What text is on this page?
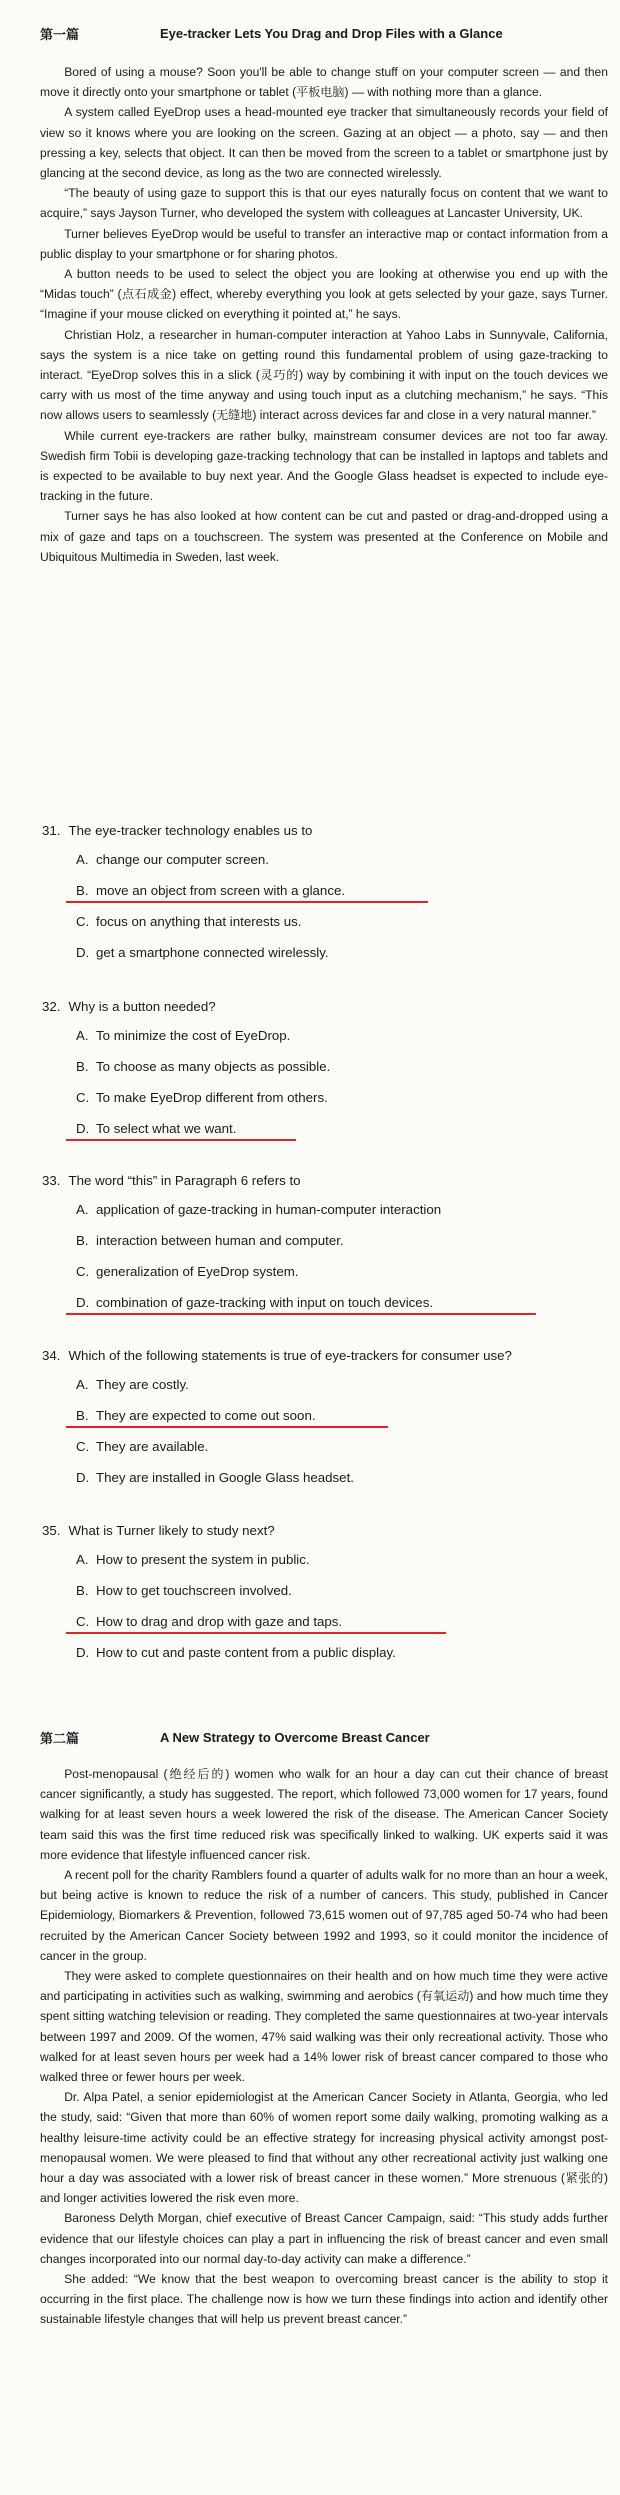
第一篇	Eye-tracker Lets You Drag and Drop Files with a Glance

Bored of using a mouse? Soon you'll be able to change stuff on your computer screen — and then move it directly onto your smartphone or tablet (平板电脑) — with nothing more than a glance.

A system called EyeDrop uses a head-mounted eye tracker that simultaneously records your field of view so it knows where you are looking on the screen. Gazing at an object — a photo, say — and then pressing a key, selects that object. It can then be moved from the screen to a tablet or smartphone just by glancing at the second device, as long as the two are connected wirelessly.

“The beauty of using gaze to support this is that our eyes naturally focus on content that we want to acquire,” says Jayson Turner, who developed the system with colleagues at Lancaster University, UK.

Turner believes EyeDrop would be useful to transfer an interactive map or contact information from a public display to your smartphone or for sharing photos.

A button needs to be used to select the object you are looking at otherwise you end up with the “Midas touch” (点石成金) effect, whereby everything you look at gets selected by your gaze, says Turner. “Imagine if your mouse clicked on everything it pointed at,” he says.

Christian Holz, a researcher in human-computer interaction at Yahoo Labs in Sunnyvale, California, says the system is a nice take on getting round this fundamental problem of using gaze-tracking to interact. “EyeDrop solves this in a slick (灵巧的) way by combining it with input on the touch devices we carry with us most of the time anyway and using touch input as a clutching mechanism,” he says. “This now allows users to seamlessly (无缝地) interact across devices far and close in a very natural manner.”

While current eye-trackers are rather bulky, mainstream consumer devices are not too far away. Swedish firm Tobii is developing gaze-tracking technology that can be installed in laptops and tablets and is expected to be available to buy next year. And the Google Glass headset is expected to include eye-tracking in the future.

Turner says he has also looked at how content can be cut and pasted or drag-and-dropped using a mix of gaze and taps on a touchscreen. The system was presented at the Conference on Mobile and Ubiquitous Multimedia in Sweden, last week.

31. The eye-tracker technology enables us to
A. change our computer screen.
B. move an object from screen with a glance.
C. focus on anything that interests us.
D. get a smartphone connected wirelessly.
32. Why is a button needed?
A. To minimize the cost of EyeDrop.
B. To choose as many objects as possible.
C. To make EyeDrop different from others.
D. To select what we want.
33. The word “this” in Paragraph 6 refers to
A. application of gaze-tracking in human-computer interaction
B. interaction between human and computer.
C. generalization of EyeDrop system.
D. combination of gaze-tracking with input on touch devices.
34. Which of the following statements is true of eye-trackers for consumer use?
A. They are costly.
B. They are expected to come out soon.
C. They are available.
D. They are installed in Google Glass headset.
35. What is Turner likely to study next?
A. How to present the system in public.
B. How to get touchscreen involved.
C. How to drag and drop with gaze and taps.
D. How to cut and paste content from a public display.
第二篇	A New Strategy to Overcome Breast Cancer

Post-menopausal (绝经后的) women who walk for an hour a day can cut their chance of breast cancer significantly, a study has suggested. The report, which followed 73,000 women for 17 years, found walking for at least seven hours a week lowered the risk of the disease. The American Cancer Society team said this was the first time reduced risk was specifically linked to walking. UK experts said it was more evidence that lifestyle influenced cancer risk.

A recent poll for the charity Ramblers found a quarter of adults walk for no more than an hour a week, but being active is known to reduce the risk of a number of cancers. This study, published in Cancer Epidemiology, Biomarkers & Prevention, followed 73,615 women out of 97,785 aged 50-74 who had been recruited by the American Cancer Society between 1992 and 1993, so it could monitor the incidence of cancer in the group.

They were asked to complete questionnaires on their health and on how much time they were active and participating in activities such as walking, swimming and aerobics (有氧运动) and how much time they spent sitting watching television or reading. They completed the same questionnaires at two-year intervals between 1997 and 2009. Of the women, 47% said walking was their only recreational activity. Those who walked for at least seven hours per week had a 14% lower risk of breast cancer compared to those who walked three or fewer hours per week.

Dr. Alpa Patel, a senior epidemiologist at the American Cancer Society in Atlanta, Georgia, who led the study, said: “Given that more than 60% of women report some daily walking, promoting walking as a healthy leisure-time activity could be an effective strategy for increasing physical activity amongst post-menopausal women. We were pleased to find that without any other recreational activity just walking one hour a day was associated with a lower risk of breast cancer in these women.” More strenuous (紧张的) and longer activities lowered the risk even more.

Baroness Delyth Morgan, chief executive of Breast Cancer Campaign, said: “This study adds further evidence that our lifestyle choices can play a part in influencing the risk of breast cancer and even small changes incorporated into our normal day-to-day activity can make a difference.”

She added: “We know that the best weapon to overcoming breast cancer is the ability to stop it occurring in the first place. The challenge now is how we turn these findings into action and identify other sustainable lifestyle changes that will help us prevent breast cancer.”
